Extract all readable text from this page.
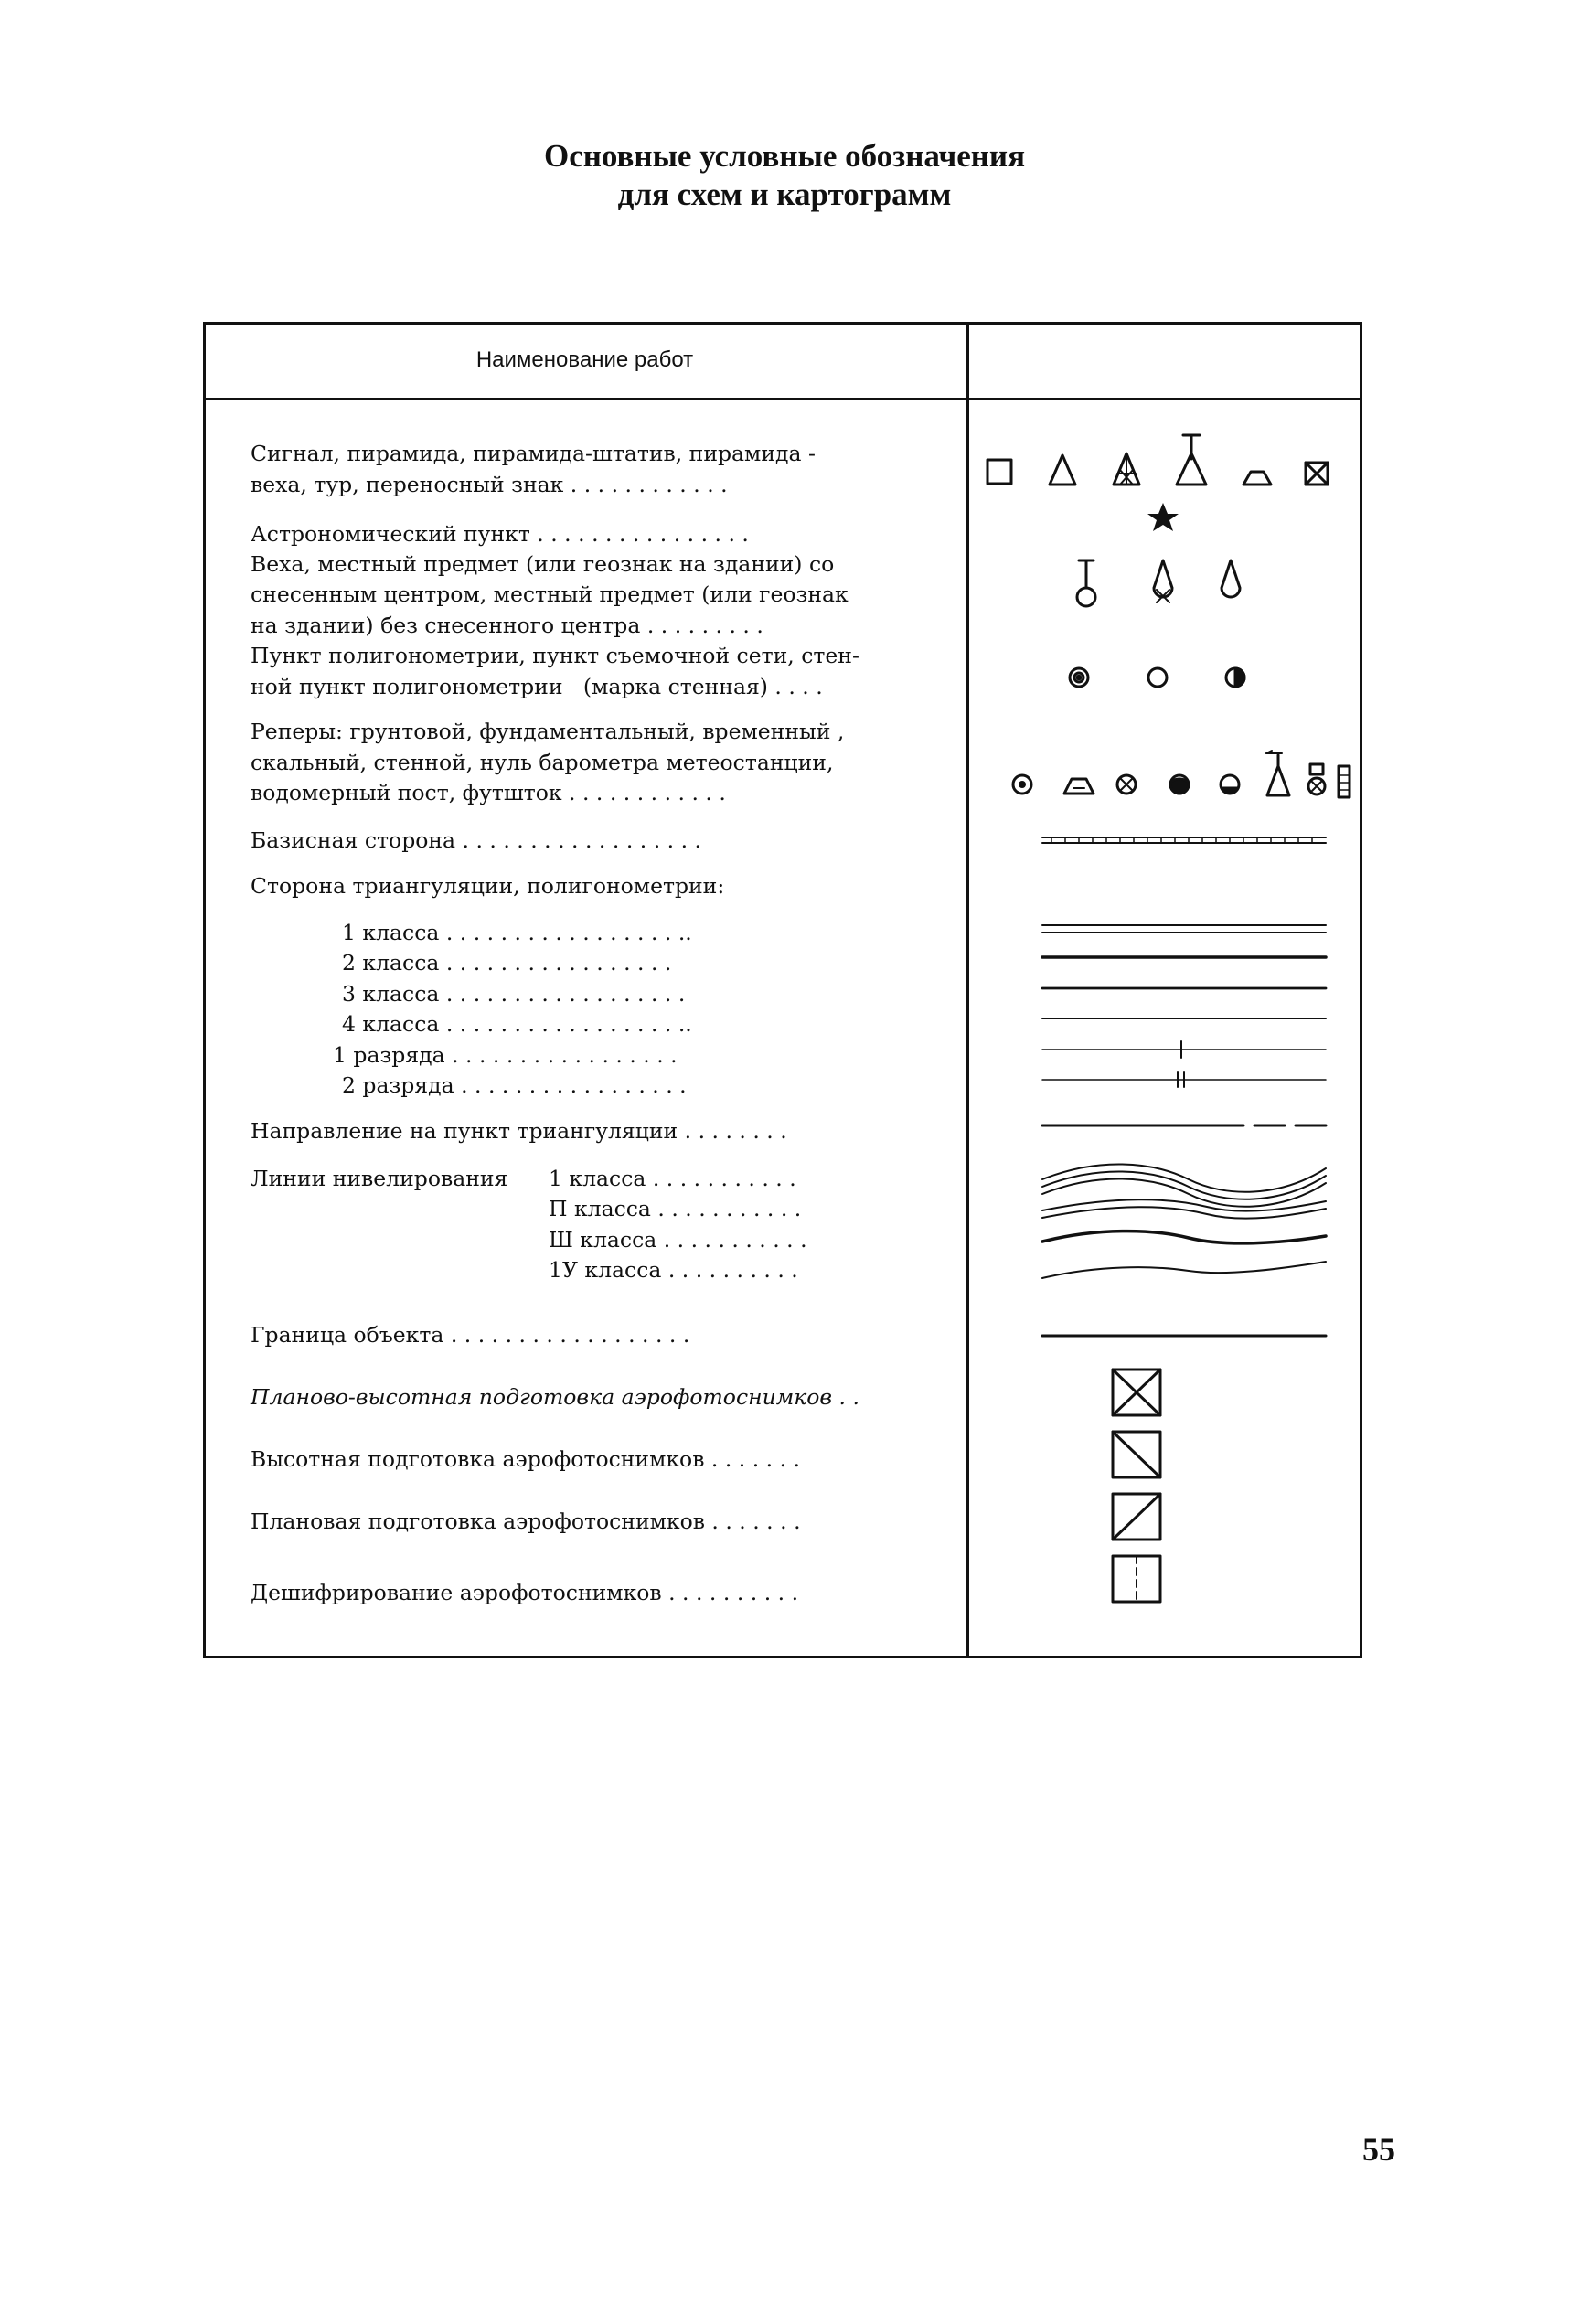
Основные условные обозначения
для схем и картограмм
Наименование работ
Сигнал, пирамида, пирамида-штатив, пирамида -
веха, тур, переносный знак . . . . . . . . . . . .
Астрономический пункт . . . . . . . . . . . . . . . .
Веха, местный предмет (или геознак на здании) со
снесенным центром, местный предмет (или геознак
на здании) без снесенного центра . . . . . . . . .
Пункт полигонометрии, пункт съемочной сети, стен-
ной пункт полигонометрии   (марка стенная) . . . .
Реперы: грунтовой, фундаментальный, временный ,
скальный, стенной, нуль барометра метеостанции,
водомерный пост, футшток . . . . . . . . . . . .
Базисная сторона . . . . . . . . . . . . . . . . . .
Сторона триангуляции, полигонометрии:
1 класса . . . . . . . . . . . . . . . . . ..
2 класса . . . . . . . . . . . . . . . . .
3 класса . . . . . . . . . . . . . . . . . .
4 класса . . . . . . . . . . . . . . . . . ..
1 разряда . . . . . . . . . . . . . . . . .
2 разряда . . . . . . . . . . . . . . . . .
Направление на пункт триангуляции . . . . . . . .
Линии нивелирования 1 класса . . . . . . . . . . .
П класса . . . . . . . . . . .
Ш класса . . . . . . . . . . .
1У класса . . . . . . . . . .
Граница объекта . . . . . . . . . . . . . . . . . .
Планово-высотная подготовка аэрофотоснимков . .
Высотная подготовка аэрофотоснимков . . . . . . .
Плановая подготовка аэрофотоснимков . . . . . . .
Дешифрирование аэрофотоснимков . . . . . . . . . .
55
